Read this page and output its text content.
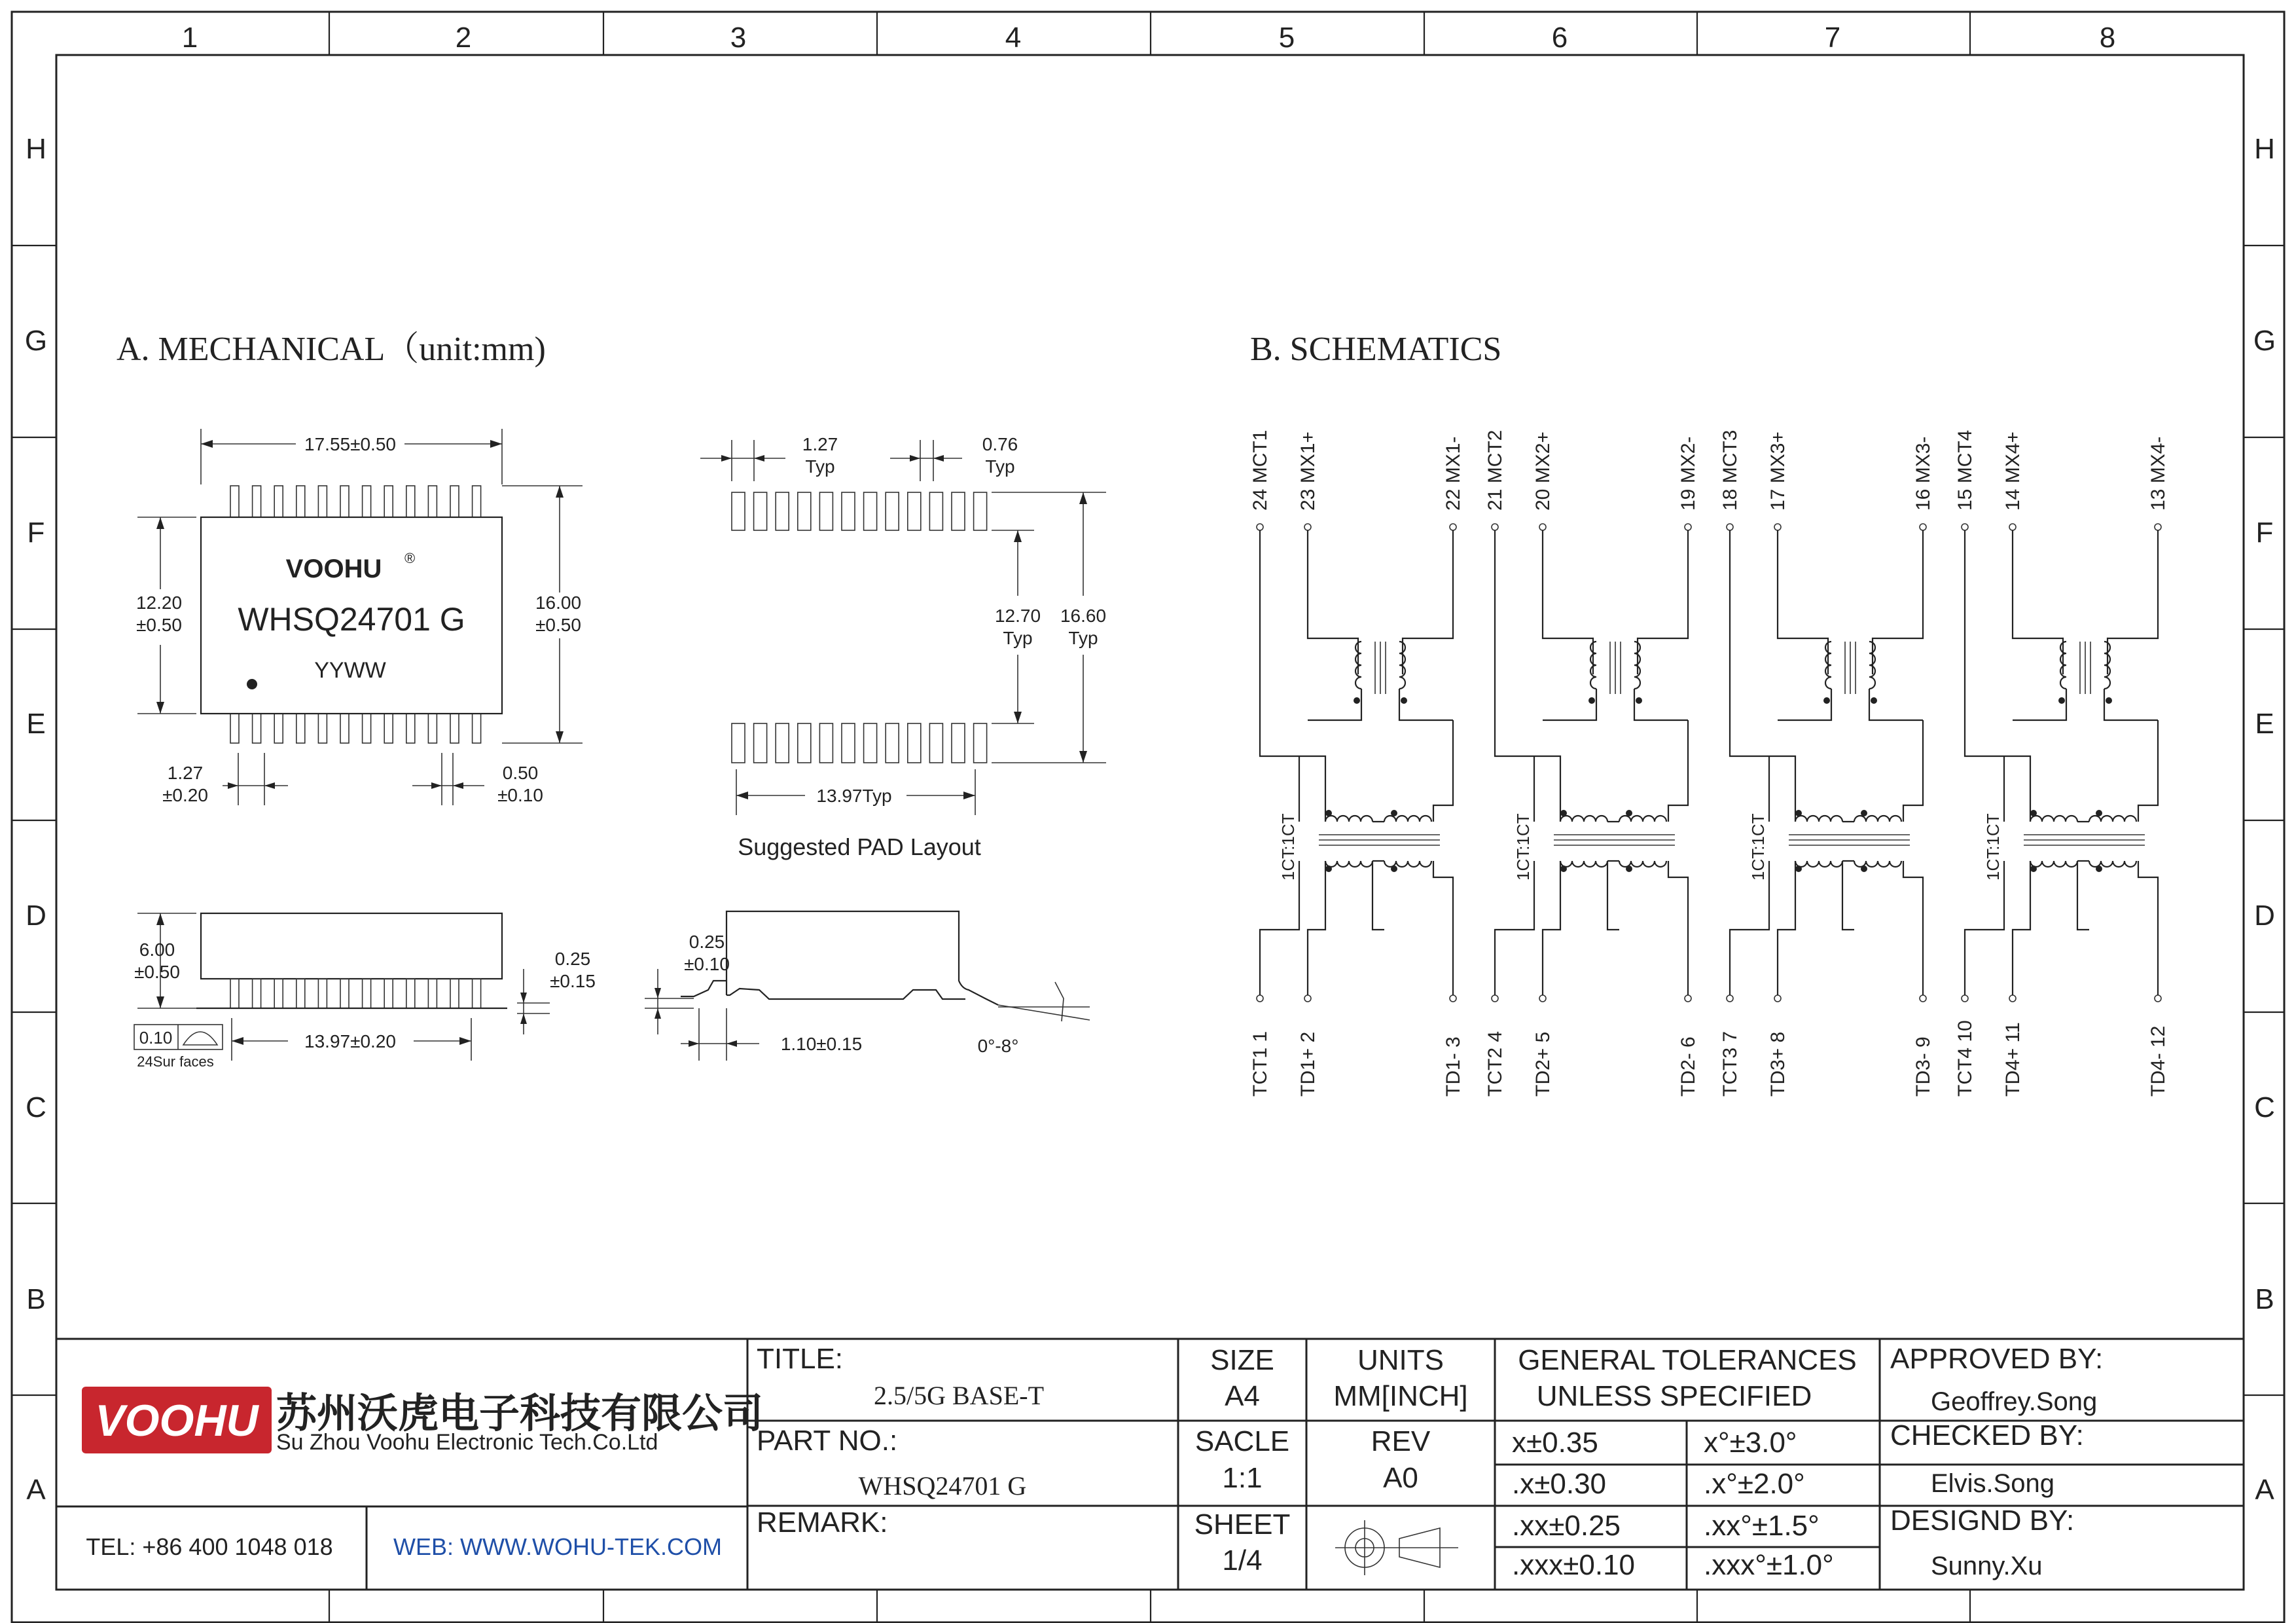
1	2	3	4	5	6	7	8
H
G
F
E
D
C
B
A
H
G
F
E
D
C
B
A
A. MECHANICAL（unit:mm)
VOOHU ®
WHSQ24701 G
YYWW
17.55±0.50
12.20
±0.50
16.00
±0.50
1.27
±0.20
0.50
±0.10
6.00
±0.50
0.25
±0.15
0.10
24Sur faces
13.97±0.20
0.25
±0.10
1.10±0.15	0°-8°
1.27
Typ
0.76
Typ
12.70
Typ
16.60
Typ
13.97Typ
Suggested PAD Layout
B. SCHEMATICS
24 MCT1 23 MX1+	22 MX1-
TCT1 1 TD1+ 2	TD1- 3
1CT:1CT
21 MCT2 20 MX2+	19 MX2-
TCT2 4 TD2+ 5	TD2- 6
1CT:1CT
18 MCT3 17 MX3+	16 MX3-
TCT3 7 TD3+ 8	TD3- 9
1CT:1CT
15 MCT4 14 MX4+	13 MX4-
TCT4 10 TD4+ 11	TD4- 12
1CT:1CT
VOOHU 苏州沃虎电子科技有限公司
Su Zhou Voohu Electronic Tech.Co.Ltd
TEL: +86 400 1048 018	WEB: WWW.WOHU-TEK.COM
TITLE:
2.5/5G BASE-T
PART NO.:
WHSQ24701 G
REMARK:
SIZE
A4
SACLE
1:1
SHEET
1/4
UNITS
MM[INCH]
REV
A0
GENERAL TOLERANCES
UNLESS SPECIFIED
x±0.35	x°±3.0°
.x±0.30	.x°±2.0°
.xx±0.25	.xx°±1.5°
.xxx±0.10 .xxx°±1.0°
APPROVED BY:
Geoffrey.Song
CHECKED BY:
Elvis.Song
DESIGND BY:
Sunny.Xu
